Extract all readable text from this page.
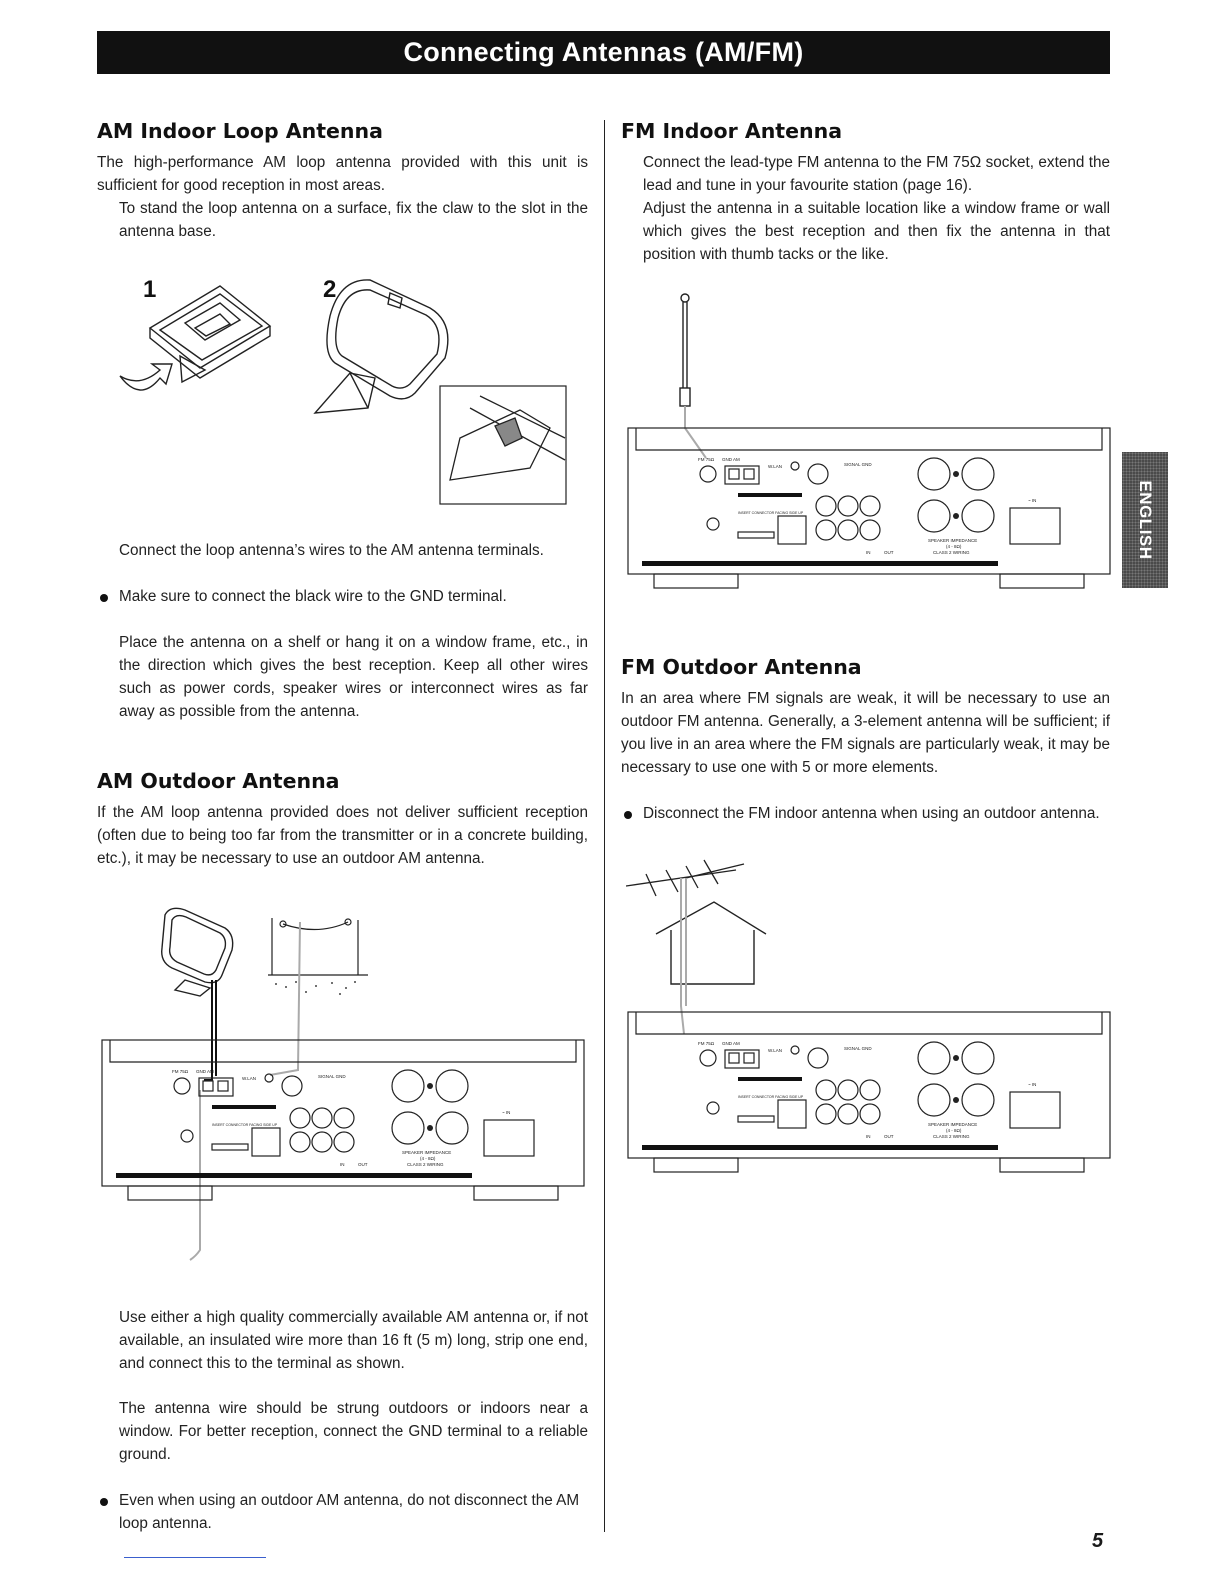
Connecting Antennas (AM/FM)
AM Indoor Loop Antenna

The high-performance AM loop antenna provided with this unit is sufficient for good reception in most areas.

To stand the loop antenna on a surface, fix the claw to the slot in the antenna base.

1	2

Connect the loop antenna’s wires to the AM antenna terminals.

Make sure to connect the black wire to the GND terminal.

Place the antenna on a shelf or hang it on a window frame, etc., in the direction which gives the best reception. Keep all other wires such as power cords, speaker wires or interconnect wires as far away as possible from the antenna.

AM Outdoor Antenna

If the AM loop antenna provided does not deliver sufficient reception (often due to being too far from the transmitter or in a concrete building, etc.), it may be necessary to use an outdoor AM antenna.

FM 75Ω GND AM
W.LAN	SIGNAL GND
INSERT CONNECTOR FACING SIDE UP
IN	OUT
SPEAKER IMPEDANCE
(4 - 8Ω)
CLASS 2 WIRING
~ IN

Use either a high quality commercially available AM antenna or, if not available, an insulated wire more than 16 ft (5 m) long, strip one end, and connect this to the terminal as shown.

The antenna wire should be strung outdoors or indoors near a window. For better reception, connect the GND terminal to a reliable ground.

Even when using an outdoor AM antenna, do not disconnect the AM loop antenna.
FM Indoor Antenna

Connect the lead-type FM antenna to the FM 75Ω socket, extend the lead and tune in your favourite station (page 16).

Adjust the antenna in a suitable location like a window frame or wall which gives the best reception and then fix the antenna in that position with thumb tacks or the like.

FM 75Ω GND AM
W.LAN	SIGNAL GND
INSERT CONNECTOR FACING SIDE UP
IN	OUT
SPEAKER IMPEDANCE
(4 - 8Ω)
CLASS 2 WIRING
~ IN
FM Outdoor Antenna

In an area where FM signals are weak, it will be necessary to use an outdoor FM antenna. Generally, a 3-element antenna will be sufficient; if you live in an area where the FM signals are particularly weak, it may be necessary to use one with 5 or more elements.

Disconnect the FM indoor antenna when using an outdoor antenna.
FM 75Ω GND AM
W.LAN	SIGNAL GND
INSERT CONNECTOR FACING SIDE UP
IN	OUT
SPEAKER IMPEDANCE
(4 - 8Ω)
CLASS 2 WIRING
~ IN
ENGLISH
5
